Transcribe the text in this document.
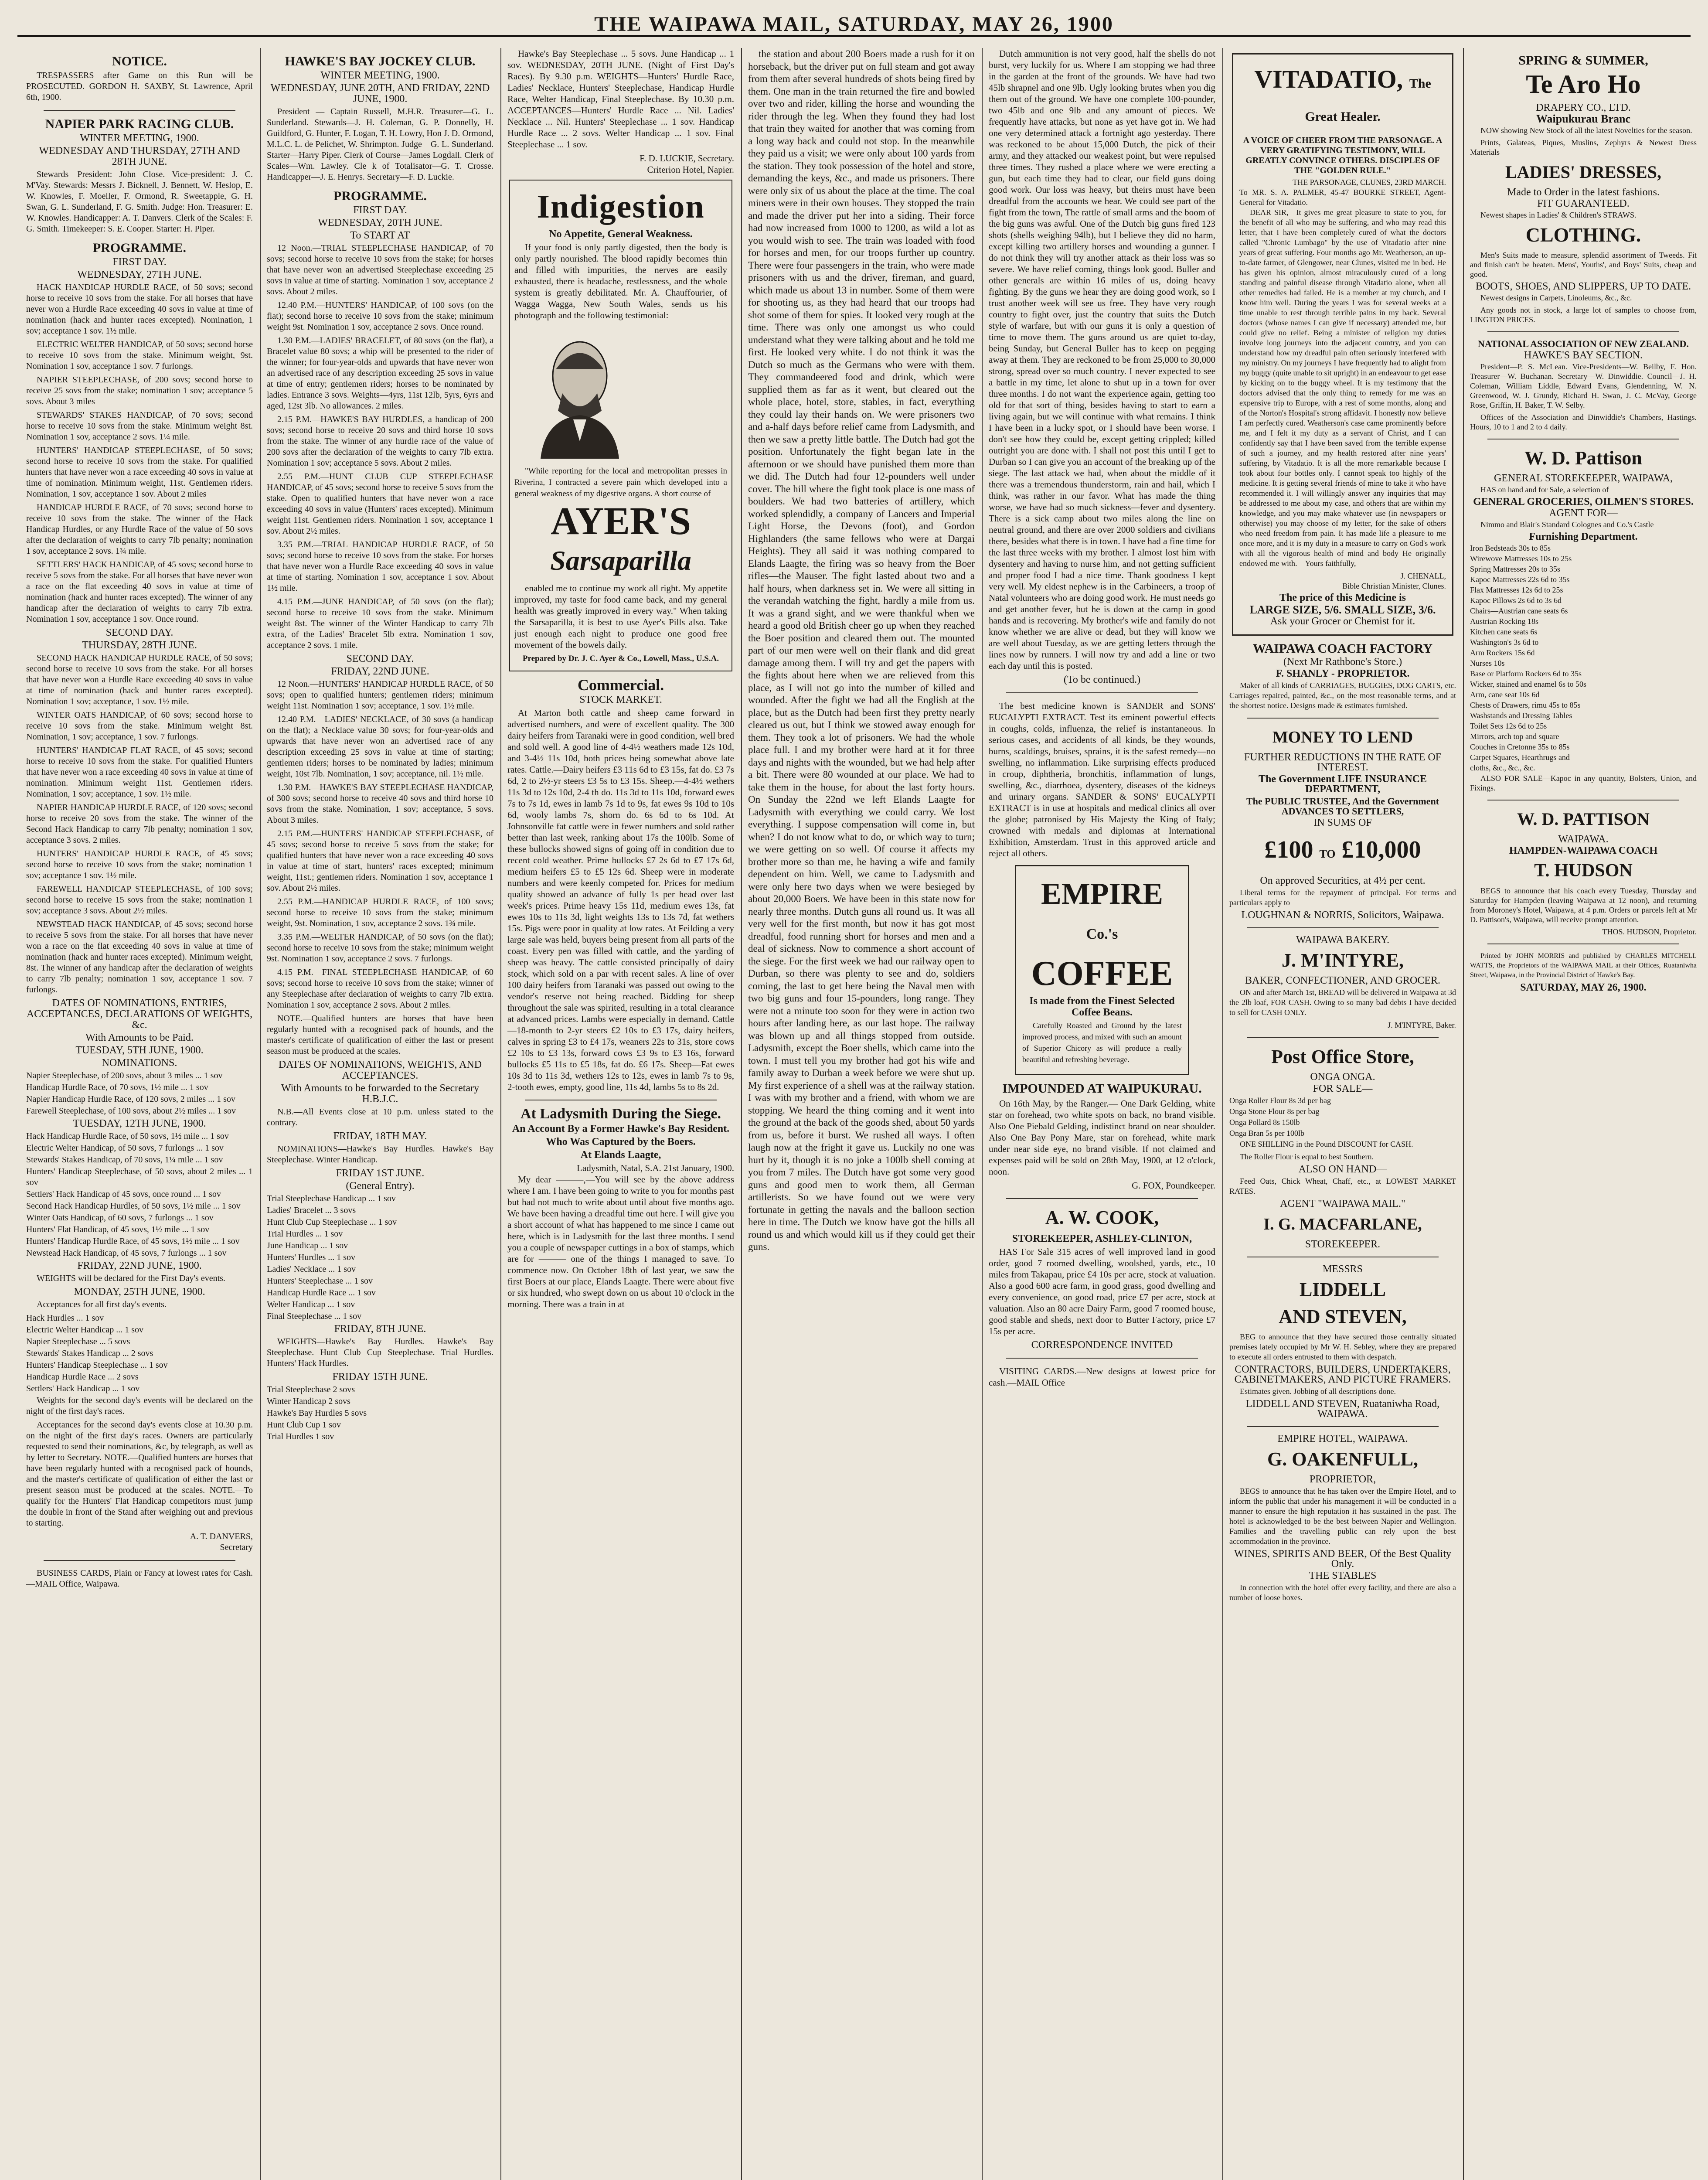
THE WAIPAWA MAIL, SATURDAY, MAY 26, 1900
NOTICE.

TRESPASSERS after Game on this Run will be PROSECUTED. GORDON H. SAXBY, St. Lawrence, April 6th, 1900.

NAPIER PARK RACING CLUB.
WINTER MEETING, 1900.
WEDNESDAY AND THURSDAY, 27TH AND 28TH JUNE.

Stewards—President: John Close. Vice-president: J. C. M'Vay. Stewards: Messrs J. Bicknell, J. Bennett, W. Heslop, E. W. Knowles, F. Moeller, F. Ormond, R. Sweetapple, G. H. Swan, G. L. Sunderland, F. G. Smith. Judge: Hon. Treasurer: E. W. Knowles. Handicapper: A. T. Danvers. Clerk of the Scales: F. G. Smith. Timekeeper: S. E. Cooper. Starter: H. Piper.

PROGRAMME.
FIRST DAY.
WEDNESDAY, 27TH JUNE.

HACK HANDICAP HURDLE RACE, of 50 sovs; second horse to receive 10 sovs from the stake. For all horses that have never won a Hurdle Race exceeding 40 sovs in value at time of nomination (hack and hunter races excepted). Nomination, 1 sov; acceptance 1 sov. 1½ mile.

ELECTRIC WELTER HANDICAP, of 50 sovs; second horse to receive 10 sovs from the stake. Minimum weight, 9st. Nomination 1 sov, acceptance 1 sov. 7 furlongs.

NAPIER STEEPLECHASE, of 200 sovs; second horse to receive 25 sovs from the stake; nomination 1 sov; acceptance 5 sovs. About 3 miles

STEWARDS' STAKES HANDICAP, of 70 sovs; second horse to receive 10 sovs from the stake. Minimum weight 8st. Nomination 1 sov, acceptance 2 sovs. 1¼ mile.

HUNTERS' HANDICAP STEEPLECHASE, of 50 sovs; second horse to receive 10 sovs from the stake. For qualified hunters that have never won a race exceeding 40 sovs in value at time of nomination. Minimum weight, 11st. Gentlemen riders. Nomination, 1 sov, acceptance 1 sov. About 2 miles

HANDICAP HURDLE RACE, of 70 sovs; second horse to receive 10 sovs from the stake. The winner of the Hack Handicap Hurdles, or any Hurdle Race of the value of 50 sovs after the declaration of weights to carry 7lb penalty; nomination 1 sov, acceptance 2 sovs. 1¾ mile.

SETTLERS' HACK HANDICAP, of 45 sovs; second horse to receive 5 sovs from the stake. For all horses that have never won a race on the flat exceeding 40 sovs in value at time of nomination (hack and hunter races excepted). The winner of any handicap after the declaration of weights to carry 7lb extra. Nomination 1 sov, acceptance 1 sov. Once round.

SECOND DAY.
THURSDAY, 28TH JUNE.

SECOND HACK HANDICAP HURDLE RACE, of 50 sovs; second horse to receive 10 sovs from the stake. For all horses that have never won a Hurdle Race exceeding 40 sovs in value at time of nomination (hack and hunter races excepted). Nomination 1 sov; acceptance, 1 sov. 1½ mile.

WINTER OATS HANDICAP, of 60 sovs; second horse to receive 10 sovs from the stake. Minimum weight 8st. Nomination, 1 sov; acceptance, 1 sov. 7 furlongs.

HUNTERS' HANDICAP FLAT RACE, of 45 sovs; second horse to receive 10 sovs from the stake. For qualified Hunters that have never won a race exceeding 40 sovs in value at time of nomination. Minimum weight 11st. Gentlemen riders. Nomination, 1 sov; acceptance, 1 sov. 1½ mile.

NAPIER HANDICAP HURDLE RACE, of 120 sovs; second horse to receive 20 sovs from the stake. The winner of the Second Hack Handicap to carry 7lb penalty; nomination 1 sov, acceptance 3 sovs. 2 miles.

HUNTERS' HANDICAP HURDLE RACE, of 45 sovs; second horse to receive 10 sovs from the stake; nomination 1 sov; acceptance 1 sov. 1½ mile.

FAREWELL HANDICAP STEEPLECHASE, of 100 sovs; second horse to receive 15 sovs from the stake; nomination 1 sov; acceptance 3 sovs. About 2½ miles.

NEWSTEAD HACK HANDICAP, of 45 sovs; second horse to receive 5 sovs from the stake. For all horses that have never won a race on the flat exceeding 40 sovs in value at time of nomination (hack and hunter races excepted). Minimum weight, 8st. The winner of any handicap after the declaration of weights to carry 7lb penalty; nomination 1 sov, acceptance 1 sov. 7 furlongs.

DATES OF NOMINATIONS, ENTRIES, ACCEPTANCES, DECLARATIONS OF WEIGHTS, &c.
With Amounts to be Paid.
TUESDAY, 5TH JUNE, 1900.
NOMINATIONS.
Napier Steeplechase, of 200 sovs, about 3 miles ... 1 sov
Handicap Hurdle Race, of 70 sovs, 1½ mile ... 1 sov
Napier Handicap Hurdle Race, of 120 sovs, 2 miles ... 1 sov
Farewell Steeplechase, of 100 sovs, about 2½ miles ... 1 sov
TUESDAY, 12TH JUNE, 1900.
Hack Handicap Hurdle Race, of 50 sovs, 1½ mile ... 1 sov
Electric Welter Handicap, of 50 sovs, 7 furlongs ... 1 sov
Stewards' Stakes Handicap, of 70 sovs, 1¼ mile ... 1 sov
Hunters' Handicap Steeplechase, of 50 sovs, about 2 miles ... 1 sov
Settlers' Hack Handicap of 45 sovs, once round ... 1 sov
Second Hack Handicap Hurdles, of 50 sovs, 1½ mile ... 1 sov
Winter Oats Handicap, of 60 sovs, 7 furlongs ... 1 sov
Hunters' Flat Handicap, of 45 sovs, 1½ mile ... 1 sov
Hunters' Handicap Hurdle Race, of 45 sovs, 1½ mile ... 1 sov
Newstead Hack Handicap, of 45 sovs, 7 furlongs ... 1 sov
FRIDAY, 22ND JUNE, 1900.

WEIGHTS will be declared for the First Day's events.

MONDAY, 25TH JUNE, 1900.

Acceptances for all first day's events.

Hack Hurdles ... 1 sov
Electric Welter Handicap ... 1 sov
Napier Steeplechase ... 5 sovs
Stewards' Stakes Handicap ... 2 sovs
Hunters' Handicap Steeplechase ... 1 sov
Handicap Hurdle Race ... 2 sovs
Settlers' Hack Handicap ... 1 sov

Weights for the second day's events will be declared on the night of the first day's races.

Acceptances for the second day's events close at 10.30 p.m. on the night of the first day's races. Owners are particularly requested to send their nominations, &c, by telegraph, as well as by letter to Secretary. NOTE.—Qualified hunters are horses that have been regularly hunted with a recognised pack of hounds, and the master's certificate of qualification of either the last or present season must be produced at the scales. NOTE.—To qualify for the Hunters' Flat Handicap competitors must jump the double in front of the Stand after weighing out and previous to starting.

A. T. DANVERS,
Secretary

BUSINESS CARDS, Plain or Fancy at lowest rates for Cash.—MAIL Office, Waipawa.

HAWKE'S BAY JOCKEY CLUB.
WINTER MEETING, 1900.
WEDNESDAY, JUNE 20TH, AND FRIDAY, 22ND JUNE, 1900.

President — Captain Russell, M.H.R. Treasurer—G. L. Sunderland. Stewards—J. H. Coleman, G. P. Donnelly, H. Guildford, G. Hunter, F. Logan, T. H. Lowry, Hon J. D. Ormond, M.L.C. L. de Pelichet, W. Shrimpton. Judge—G. L. Sunderland. Starter—Harry Piper. Clerk of Course—James Logdall. Clerk of Scales—Wm. Lawley. Cle k of Totalisator—G. T. Crosse. Handicapper—J. E. Henrys. Secretary—F. D. Luckie.

PROGRAMME.
FIRST DAY.
WEDNESDAY, 20TH JUNE.
To START AT

12 Noon.—TRIAL STEEPLECHASE HANDICAP, of 70 sovs; second horse to receive 10 sovs from the stake; for horses that have never won an advertised Steeplechase exceeding 25 sovs in value at time of starting. Nomination 1 sov, acceptance 2 sovs. About 2 miles.

12.40 P.M.—HUNTERS' HANDICAP, of 100 sovs (on the flat); second horse to receive 10 sovs from the stake; minimum weight 9st. Nomination 1 sov, acceptance 2 sovs. Once round.

1.30 P.M.—LADIES' BRACELET, of 80 sovs (on the flat), a Bracelet value 80 sovs; a whip will be presented to the rider of the winner; for four-year-olds and upwards that have never won an advertised race of any description exceeding 25 sovs in value at time of entry; gentlemen riders; horses to be nominated by ladies. Entrance 3 sovs. Weights—4yrs, 11st 12lb, 5yrs, 6yrs and aged, 12st 3lb. No allowances. 2 miles.

2.15 P.M.—HAWKE'S BAY HURDLES, a handicap of 200 sovs; second horse to receive 20 sovs and third horse 10 sovs from the stake. The winner of any hurdle race of the value of 200 sovs after the declaration of the weights to carry 7lb extra. Nomination 1 sov; acceptance 5 sovs. About 2 miles.

2.55 P.M.—HUNT CLUB CUP STEEPLECHASE HANDICAP, of 45 sovs; second horse to receive 5 sovs from the stake. Open to qualified hunters that have never won a race exceeding 40 sovs in value (Hunters' races excepted). Minimum weight 11st. Gentlemen riders. Nomination 1 sov, acceptance 1 sov. About 2½ miles.

3.35 P.M.—TRIAL HANDICAP HURDLE RACE, of 50 sovs; second horse to receive 10 sovs from the stake. For horses that have never won a Hurdle Race exceeding 40 sovs in value at time of starting. Nomination 1 sov, acceptance 1 sov. About 1½ mile.

4.15 P.M.—JUNE HANDICAP, of 50 sovs (on the flat); second horse to receive 10 sovs from the stake. Minimum weight 8st. The winner of the Winter Handicap to carry 7lb extra, of the Ladies' Bracelet 5lb extra. Nomination 1 sov, acceptance 2 sovs. 1 mile.

SECOND DAY.
FRIDAY, 22ND JUNE.

12 Noon.—HUNTERS' HANDICAP HURDLE RACE, of 50 sovs; open to qualified hunters; gentlemen riders; minimum weight 11st. Nomination 1 sov; acceptance, 1 sov. 1½ mile.

12.40 P.M.—LADIES' NECKLACE, of 30 sovs (a handicap on the flat); a Necklace value 30 sovs; for four-year-olds and upwards that have never won an advertised race of any description exceeding 25 sovs in value at time of starting; gentlemen riders; horses to be nominated by ladies; minimum weight, 10st 7lb. Nomination, 1 sov; acceptance, nil. 1½ mile.

1.30 P.M.—HAWKE'S BAY STEEPLECHASE HANDICAP, of 300 sovs; second horse to receive 40 sovs and third horse 10 sovs from the stake. Nomination, 1 sov; acceptance, 5 sovs. About 3 miles.

2.15 P.M.—HUNTERS' HANDICAP STEEPLECHASE, of 45 sovs; second horse to receive 5 sovs from the stake; for qualified hunters that have never won a race exceeding 40 sovs in value at time of start, hunters' races excepted; minimum weight, 11st.; gentlemen riders. Nomination 1 sov, acceptance 1 sov. About 2½ miles.

2.55 P.M.—HANDICAP HURDLE RACE, of 100 sovs; second horse to receive 10 sovs from the stake; minimum weight, 9st. Nomination, 1 sov, acceptance 2 sovs. 1¾ mile.

3.35 P.M.—WELTER HANDICAP, of 50 sovs (on the flat); second horse to receive 10 sovs from the stake; minimum weight 9st. Nomination 1 sov, acceptance 2 sovs. 7 furlongs.

4.15 P.M.—FINAL STEEPLECHASE HANDICAP, of 60 sovs; second horse to receive 10 sovs from the stake; winner of any Steeplechase after declaration of weights to carry 7lb extra. Nomination 1 sov, acceptance 2 sovs. About 2 miles.

NOTE.—Qualified hunters are horses that have been regularly hunted with a recognised pack of hounds, and the master's certificate of qualification of either the last or present season must be produced at the scales.

DATES OF NOMINATIONS, WEIGHTS, AND ACCEPTANCES.
With Amounts to be forwarded to the Secretary H.B.J.C.

N.B.—All Events close at 10 p.m. unless stated to the contrary.

FRIDAY, 18TH MAY.

NOMINATIONS—Hawke's Bay Hurdles. Hawke's Bay Steeplechase. Winter Handicap.

FRIDAY 1ST JUNE.
(General Entry).
Trial Steeplechase Handicap ... 1 sov
Ladies' Bracelet ... 3 sovs
Hunt Club Cup Steeplechase ... 1 sov
Trial Hurdles ... 1 sov
June Handicap ... 1 sov
Hunters' Hurdles ... 1 sov
Ladies' Necklace ... 1 sov
Hunters' Steeplechase ... 1 sov
Handicap Hurdle Race ... 1 sov
Welter Handicap ... 1 sov
Final Steeplechase ... 1 sov
FRIDAY, 8TH JUNE.

WEIGHTS—Hawke's Bay Hurdles. Hawke's Bay Steeplechase. Hunt Club Cup Steeplechase. Trial Hurdles. Hunters' Hack Hurdles.

FRIDAY 15TH JUNE.
Trial Steeplechase 2 sovs
Winter Handicap 2 sovs
Hawke's Bay Hurdles 5 sovs
Hunt Club Cup 1 sov
Trial Hurdles 1 sov

Hawke's Bay Steeplechase ... 5 sovs. June Handicap ... 1 sov. WEDNESDAY, 20TH JUNE. (Night of First Day's Races). By 9.30 p.m. WEIGHTS—Hunters' Hurdle Race, Ladies' Necklace, Hunters' Steeplechase, Handicap Hurdle Race, Welter Handicap, Final Steeplechase. By 10.30 p.m. ACCEPTANCES—Hunters' Hurdle Race ... Nil. Ladies' Necklace ... Nil. Hunters' Steeplechase ... 1 sov. Handicap Hurdle Race ... 2 sovs. Welter Handicap ... 1 sov. Final Steeplechase ... 1 sov.

F. D. LUCKIE, Secretary.
Criterion Hotel, Napier.
Indigestion
No Appetite, General Weakness.

If your food is only partly digested, then the body is only partly nourished. The blood rapidly becomes thin and filled with impurities, the nerves are easily exhausted, there is headache, restlessness, and the whole system is greatly debilitated. Mr. A. Chauffourier, of Wagga Wagga, New South Wales, sends us his photograph and the following testimonial:

"While reporting for the local and metropolitan presses in Riverina, I contracted a severe pain which developed into a general weakness of my digestive organs. A short course of

AYER'S
Sarsaparilla

enabled me to continue my work all right. My appetite improved, my taste for food came back, and my general health was greatly improved in every way." When taking the Sarsaparilla, it is best to use Ayer's Pills also. Take just enough each night to produce one good free movement of the bowels daily.

Prepared by Dr. J. C. Ayer & Co., Lowell, Mass., U.S.A.
Commercial.
STOCK MARKET.

At Marton both cattle and sheep came forward in advertised numbers, and were of excellent quality. The 300 dairy heifers from Taranaki were in good condition, well bred and sold well. A good line of 4-4½ weathers made 12s 10d, and 3-4½ 11s 10d, both prices being somewhat above late rates. Cattle.—Dairy heifers £3 11s 6d to £3 15s, fat do. £3 7s 6d, 2 to 2½-yr steers £3 5s to £3 15s. Sheep.—4-4½ wethers 11s 3d to 12s 10d, 2-4 th do. 11s 3d to 11s 10d, forward ewes 7s to 7s 1d, ewes in lamb 7s 1d to 9s, fat ewes 9s 10d to 10s 6d, wooly lambs 7s, shorn do. 6s 6d to 6s 10d. At Johnsonville fat cattle were in fewer numbers and sold rather better than last week, ranking about 17s the 100lb. Some of these bullocks showed signs of going off in condition due to recent cold weather. Prime bullocks £7 2s 6d to £7 17s 6d, medium heifers £5 to £5 12s 6d. Sheep were in moderate numbers and were keenly competed for. Prices for medium quality showed an advance of fully 1s per head over last week's prices. Prime heavy 15s 11d, medium ewes 13s, fat ewes 10s to 11s 3d, light weights 13s to 13s 7d, fat wethers 15s. Pigs were poor in quality at low rates. At Feilding a very large sale was held, buyers being present from all parts of the coast. Every pen was filled with cattle, and the yarding of sheep was heavy. The cattle consisted principally of dairy stock, which sold on a par with recent sales. A line of over 100 dairy heifers from Taranaki was passed out owing to the vendor's reserve not being reached. Bidding for sheep throughout the sale was spirited, resulting in a total clearance at advanced prices. Lambs were especially in demand. Cattle—18-month to 2-yr steers £2 10s to £3 17s, dairy heifers, calves in spring £3 to £4 17s, weaners 22s to 31s, store cows £2 10s to £3 13s, forward cows £3 9s to £3 16s, forward bullocks £5 11s to £5 18s, fat do. £6 17s. Sheep—Fat ewes 10s 3d to 11s 3d, wethers 12s to 12s, ewes in lamb 7s to 9s, 2-tooth ewes, empty, good line, 11s 4d, lambs 5s to 8s 2d.

At Ladysmith During the Siege.
An Account By a Former Hawke's Bay Resident.
Who Was Captured by the Boers.
At Elands Laagte,
Ladysmith, Natal, S.A. 21st January, 1900.

My dear ———,—You will see by the above address where I am. I have been going to write to you for months past but had not much to write about until about five months ago. We have been having a dreadful time out here. I will give you a short account of what has happened to me since I came out here, which is in Ladysmith for the last three months. I send you a couple of newspaper cuttings in a box of stamps, which are for ——— one of the things I managed to save. To commence now. On October 18th of last year, we saw the first Boers at our place, Elands Laagte. There were about five or six hundred, who swept down on us about 10 o'clock in the morning. There was a train in at

the station and about 200 Boers made a rush for it on horseback, but the driver put on full steam and got away from them after several hundreds of shots being fired by them. One man in the train returned the fire and bowled over two and rider, killing the horse and wounding the rider through the leg. When they found they had lost that train they waited for another that was coming from a long way back and could not stop. In the meanwhile they paid us a visit; we were only about 100 yards from the station. They took possession of the hotel and store, demanding the keys, &c., and made us prisoners. There were only six of us about the place at the time. The coal miners were in their own houses. They stopped the train and made the driver put her into a siding. Their force had now increased from 1000 to 1200, as wild a lot as you would wish to see. The train was loaded with food for horses and men, for our troops further up country. There were four passengers in the train, who were made prisoners with us and the driver, fireman, and guard, which made us about 13 in number. Some of them were for shooting us, as they had heard that our troops had shot some of them for spies. It looked very rough at the time. There was only one amongst us who could understand what they were talking about and he told me first. He looked very white. I do not think it was the Dutch so much as the Germans who were with them. They commandeered food and drink, which were supplied them as far as it went, but cleared out the whole place, hotel, store, stables, in fact, everything they could lay their hands on. We were prisoners two and a-half days before relief came from Ladysmith, and then we saw a pretty little battle. The Dutch had got the position. Unfortunately the fight began late in the afternoon or we should have punished them more than we did. The Dutch had four 12-pounders well under cover. The hill where the fight took place is one mass of boulders. We had two batteries of artillery, which worked splendidly, a company of Lancers and Imperial Light Horse, the Devons (foot), and Gordon Highlanders (the same fellows who were at Dargai Heights). They all said it was nothing compared to Elands Laagte, the firing was so heavy from the Boer rifles—the Mauser. The fight lasted about two and a half hours, when darkness set in. We were all sitting in the verandah watching the fight, hardly a mile from us. It was a grand sight, and we were thankful when we heard a good old British cheer go up when they reached the Boer position and cleared them out. The mounted part of our men were well on their flank and did great damage among them. I will try and get the papers with the fights about here when we are relieved from this place, as I will not go into the number of killed and wounded. After the fight we had all the English at the place, but as the Dutch had been first they pretty nearly cleared us out, but I think we stowed away enough for them. They took a lot of prisoners. We had the whole place full. I and my brother were hard at it for three days and nights with the wounded, but we had help after a bit. There were 80 wounded at our place. We had to take them in the house, for about the last forty hours. On Sunday the 22nd we left Elands Laagte for Ladysmith with everything we could carry. We lost everything. I suppose compensation will come in, but when? I do not know what to do, or which way to turn; we were getting on so well. Of course it affects my brother more so than me, he having a wife and family dependent on him. Well, we came to Ladysmith and were only here two days when we were besieged by about 20,000 Boers. We have been in this state now for nearly three months. Dutch guns all round us. It was all very well for the first month, but now it has got most dreadful, food running short for horses and men and a deal of sickness. Now to commence a short account of the siege. For the first week we had our railway open to Durban, so there was plenty to see and do, soldiers coming, the last to get here being the Naval men with two big guns and four 15-pounders, long range. They were not a minute too soon for they were in action two hours after landing here, as our last hope. The railway was blown up and all things stopped from outside. Ladysmith, except the Boer shells, which came into the town. I must tell you my brother had got his wife and family away to Durban a week before we were shut up. My first experience of a shell was at the railway station. I was with my brother and a friend, with whom we are stopping. We heard the thing coming and it went into the ground at the back of the goods shed, about 50 yards from us, before it burst. We rushed all ways. I often laugh now at the fright it gave us. Luckily no one was hurt by it, though it is no joke a 100lb shell coming at you from 7 miles. The Dutch have got some very good guns and good men to work them, all German artillerists. So we have found out we were very fortunate in getting the navals and the balloon section here in time. The Dutch we know have got the hills all round us and which would kill us if they could get their guns.

Dutch ammunition is not very good, half the shells do not burst, very luckily for us. Where I am stopping we had three in the garden at the front of the grounds. We have had two 45lb shrapnel and one 9lb. Ugly looking brutes when you dig them out of the ground. We have one complete 100-pounder, two 45lb and one 9lb and any amount of pieces. We frequently have attacks, but none as yet have got in. We had one very determined attack a fortnight ago yesterday. There was reckoned to be about 15,000 Dutch, the pick of their army, and they attacked our weakest point, but were repulsed three times. They rushed a place where we were erecting a gun, but each time they had to clear, our field guns doing good work. Our loss was heavy, but theirs must have been dreadful from the accounts we hear. We could see part of the fight from the town, The rattle of small arms and the boom of the big guns was awful. One of the Dutch big guns fired 123 shots (shells weighing 94lb), but I believe they did no harm, except killing two artillery horses and wounding a gunner. I do not think they will try another attack as their loss was so severe. We have relief coming, things look good. Buller and other generals are within 16 miles of us, doing heavy fighting. By the guns we hear they are doing good work, so I trust another week will see us free. They have very rough country to fight over, just the country that suits the Dutch style of warfare, but with our guns it is only a question of time to move them. The guns around us are quiet to-day, being Sunday, but General Buller has to keep on pegging away at them. They are reckoned to be from 25,000 to 30,000 strong, spread over so much country. I never expected to see a battle in my time, let alone to shut up in a town for over three months. I do not want the experience again, getting too old for that sort of thing, besides having to start to earn a living again, but we will continue with what remains. I think I have been in a lucky spot, or I should have been worse. I don't see how they could be, except getting crippled; killed outright you are done with. I shall not post this until I get to Durban so I can give you an account of the breaking up of the siege. The last attack we had, when about the middle of it there was a tremendous thunderstorm, rain and hail, which I think, was rather in our favor. What has made the thing worse, we have had so much sickness—fever and dysentery. There is a sick camp about two miles along the line on neutral ground, and there are over 2000 soldiers and civilians there, besides what there is in town. I have had a fine time for the last three weeks with my brother. I almost lost him with dysentery and having to nurse him, and not getting sufficient and proper food I had a nice time. Thank goodness I kept very well. My eldest nephew is in the Carbineers, a troop of Natal volunteers who are doing good work. He must needs go and get another fever, but he is down at the camp in good hands and is recovering. My brother's wife and family do not know whether we are alive or dead, but they will know we are well about Tuesday, as we are getting letters through the lines now by runners. I will now try and add a line or two each day until this is posted.

(To be continued.)

The best medicine known is SANDER and SONS' EUCALYPTI EXTRACT. Test its eminent powerful effects in coughs, colds, influenza, the relief is instantaneous. In serious cases, and accidents of all kinds, be they wounds, burns, scaldings, bruises, sprains, it is the safest remedy—no swelling, no inflammation. Like surprising effects produced in croup, diphtheria, bronchitis, inflammation of lungs, swelling, &c., diarrhoea, dysentery, diseases of the kidneys and urinary organs. SANDER & SONS' EUCALYPTI EXTRACT is in use at hospitals and medical clinics all over the globe; patronised by His Majesty the King of Italy; crowned with medals and diplomas at International Exhibition, Amsterdam. Trust in this approved article and reject all others.

EMPIRE Co.'s
COFFEE
Is made from the Finest Selected Coffee Beans.

Carefully Roasted and Ground by the latest improved process, and mixed with such an amount of Superior Chicory as will produce a really beautiful and refreshing beverage.

IMPOUNDED AT WAIPUKURAU.

On 16th May, by the Ranger.— One Dark Gelding, white star on forehead, two white spots on back, no brand visible. Also One Piebald Gelding, indistinct brand on near shoulder. Also One Bay Pony Mare, star on forehead, white mark under near side eye, no brand visible. If not claimed and expenses paid will be sold on 28th May, 1900, at 12 o'clock, noon.

G. FOX, Poundkeeper.
A. W. COOK,
STOREKEEPER, ASHLEY-CLINTON,

HAS For Sale 315 acres of well improved land in good order, good 7 roomed dwelling, woolshed, yards, etc., 10 miles from Takapau, price £4 10s per acre, stock at valuation. Also a good 600 acre farm, in good grass, good dwelling and every convenience, on good road, price £7 per acre, stock at valuation. Also an 80 acre Dairy Farm, good 7 roomed house, good stable and sheds, next door to Butter Factory, price £7 15s per acre.

CORRESPONDENCE INVITED

VISITING CARDS.—New designs at lowest price for cash.—MAIL Office

VITADATIO, The Great Healer.
A VOICE OF CHEER FROM THE PARSONAGE. A VERY GRATIFYING TESTIMONY, WILL GREATLY CONVINCE OTHERS. DISCIPLES OF THE "GOLDEN RULE."
THE PARSONAGE, CLUNES, 23RD MARCH.
To MR. S. A. PALMER, 45-47 BOURKE STREET, Agent-General for Vitadatio.

DEAR SIR,—It gives me great pleasure to state to you, for the benefit of all who may be suffering, and who may read this letter, that I have been completely cured of what the doctors called "Chronic Lumbago" by the use of Vitadatio after nine years of great suffering. Four months ago Mr. Weatherson, an up-to-date farmer, of Glengower, near Clunes, visited me in bed. He has given his opinion, almost miraculously cured of a long standing and painful disease through Vitadatio alone, when all other remedies had failed. He is a member at my church, and I know him well. During the years I was for several weeks at a time unable to rest through terrible pains in my back. Several doctors (whose names I can give if necessary) attended me, but could give no relief. Being a minister of religion my duties involve long journeys into the adjacent country, and you can understand how my dreadful pain often seriously interfered with my ministry. On my journeys I have frequently had to alight from my buggy (quite unable to sit upright) in an endeavour to get ease by kicking on to the buggy wheel. It is my testimony that the doctors advised that the only thing to remedy for me was an expensive trip to Europe, with a rest of some months, along and of the Norton's Hospital's strong affidavit. I honestly now believe I am perfectly cured. Weatherson's case came prominently before me, and I felt it my duty as a servant of Christ, and I can confidently say that I have been saved from the terrible expense of such a journey, and my health restored after nine years' suffering, by Vitadatio. It is all the more remarkable because I took about four bottles only. I cannot speak too highly of the medicine. It is getting several friends of mine to take it who have recommended it. I will willingly answer any inquiries that may be addressed to me about my case, and others that are within my knowledge, and you may make whatever use (in newspapers or otherwise) you may choose of my letter, for the sake of others who need freedom from pain. It has made life a pleasure to me once more, and it is my duty in a measure to carry on God's work with all the vigorous health of mind and body He originally endowed me with.—Yours faithfully,

J. CHENALL,
Bible Christian Minister, Clunes.
The price of this Medicine is
LARGE SIZE, 5/6. SMALL SIZE, 3/6.
Ask your Grocer or Chemist for it.
WAIPAWA COACH FACTORY
(Next Mr Rathbone's Store.)
F. SHANLY - PROPRIETOR.

Maker of all kinds of CARRIAGES, BUGGIES, DOG CARTS, etc. Carriages repaired, painted, &c., on the most reasonable terms, and at the shortest notice. Designs made & estimates furnished.

MONEY TO LEND
FURTHER REDUCTIONS IN THE RATE OF INTEREST.
The Government LIFE INSURANCE DEPARTMENT,
The PUBLIC TRUSTEE, And the Government ADVANCES TO SETTLERS,
IN SUMS OF
£100 TO £10,000
On approved Securities, at 4½ per cent.

Liberal terms for the repayment of principal. For terms and particulars apply to

LOUGHNAN & NORRIS, Solicitors, Waipawa.
WAIPAWA BAKERY.
J. M'INTYRE,
BAKER, CONFECTIONER, AND GROCER.

ON and after March 1st, BREAD will be delivered in Waipawa at 3d the 2lb loaf, FOR CASH. Owing to so many bad debts I have decided to sell for CASH ONLY.

J. M'INTYRE, Baker.
Post Office Store,
ONGA ONGA.
FOR SALE—
Onga Roller Flour 8s 3d per bag
Onga Stone Flour 8s per bag
Onga Pollard 8s 150lb
Onga Bran 5s per 100lb

ONE SHILLING in the Pound DISCOUNT for CASH.

The Roller Flour is equal to best Southern.

ALSO ON HAND—

Feed Oats, Chick Wheat, Chaff, etc., at LOWEST MARKET RATES.

AGENT "WAIPAWA MAIL."
I. G. MACFARLANE,
STOREKEEPER.
MESSRS
LIDDELL
AND STEVEN,

BEG to announce that they have secured those centrally situated premises lately occupied by Mr W. H. Sebley, where they are prepared to execute all orders entrusted to them with despatch.

CONTRACTORS, BUILDERS, UNDERTAKERS, CABINETMAKERS, AND PICTURE FRAMERS.

Estimates given. Jobbing of all descriptions done.

LIDDELL AND STEVEN, Ruataniwha Road, WAIPAWA.
EMPIRE HOTEL, WAIPAWA.
G. OAKENFULL,
PROPRIETOR,

BEGS to announce that he has taken over the Empire Hotel, and to inform the public that under his management it will be conducted in a manner to ensure the high reputation it has sustained in the past. The hotel is acknowledged to be the best between Napier and Wellington. Families and the travelling public can rely upon the best accommodation in the province.

WINES, SPIRITS AND BEER, Of the Best Quality Only.
THE STABLES

In connection with the hotel offer every facility, and there are also a number of loose boxes.

SPRING & SUMMER,
Te Aro Ho
DRAPERY CO., LTD.
Waipukurau Branc

NOW showing New Stock of all the latest Novelties for the season.

Prints, Galateas, Piques, Muslins, Zephyrs & Newest Dress Materials

LADIES' DRESSES,
Made to Order in the latest fashions.
FIT GUARANTEED.

Newest shapes in Ladies' & Children's STRAWS.

CLOTHING.

Men's Suits made to measure, splendid assortment of Tweeds. Fit and finish can't be beaten. Mens', Youths', and Boys' Suits, cheap and good.

BOOTS, SHOES, AND SLIPPERS, UP TO DATE.

Newest designs in Carpets, Linoleums, &c., &c.

Any goods not in stock, a large lot of samples to choose from, LINGTON PRICES.

NATIONAL ASSOCIATION OF NEW ZEALAND.
HAWKE'S BAY SECTION.

President—P. S. McLean. Vice-Presidents—W. Beilby, F. Hon. Treasurer—W. Buchanan. Secretary—W. Dinwiddie. Council—J. H. Coleman, William Liddle, Edward Evans, Glendenning, W. N. Greenwood, W. J. Grundy, Richard H. Swan, J. C. McVay, George Rose, Griffin, H. Baker, T. W. Selby.

Offices of the Association and Dinwiddie's Chambers, Hastings. Hours, 10 to 1 and 2 to 4 daily.

W. D. Pattison
GENERAL STOREKEEPER, WAIPAWA,

HAS on hand and for Sale, a selection of

GENERAL GROCERIES, OILMEN'S STORES.
AGENT FOR—

Nimmo and Blair's Standard Colognes and Co.'s Castle

Furnishing Department.
Iron Bedsteads 30s to 85s
Wirewove Mattresses 10s to 25s
Spring Mattresses 20s to 35s
Kapoc Mattresses 22s 6d to 35s
Flax Mattresses 12s 6d to 25s
Kapoc Pillows 2s 6d to 3s 6d
Chairs—Austrian cane seats 6s
Austrian Rocking 18s
Kitchen cane seats 6s
Washington's 3s 6d to
Arm Rockers 15s 6d
Nurses 10s
Base or Platform Rockers 6d to 35s
Wicker, stained and enamel 6s to 50s
Arm, cane seat 10s 6d
Chests of Drawers, rimu 45s to 85s
Washstands and Dressing Tables
Toilet Sets 12s 6d to 25s
Mirrors, arch top and square
Couches in Cretonne 35s to 85s
Carpet Squares, Hearthrugs and
cloths, &c., &c., &c.

ALSO FOR SALE—Kapoc in any quantity, Bolsters, Union, and Fixings.

W. D. PATTISON
WAIPAWA.
HAMPDEN-WAIPAWA COACH
T. HUDSON

BEGS to announce that his coach every Tuesday, Thursday and Saturday for Hampden (leaving Waipawa at 12 noon), and returning from Moroney's Hotel, Waipawa, at 4 p.m. Orders or parcels left at Mr D. Pattison's, Waipawa, will receive prompt attention.

THOS. HUDSON, Proprietor.

Printed by JOHN MORRIS and published by CHARLES MITCHELL WATTS, the Proprietors of the WAIPAWA MAIL at their Offices, Ruataniwha Street, Waipawa, in the Provincial District of Hawke's Bay.

SATURDAY, MAY 26, 1900.
